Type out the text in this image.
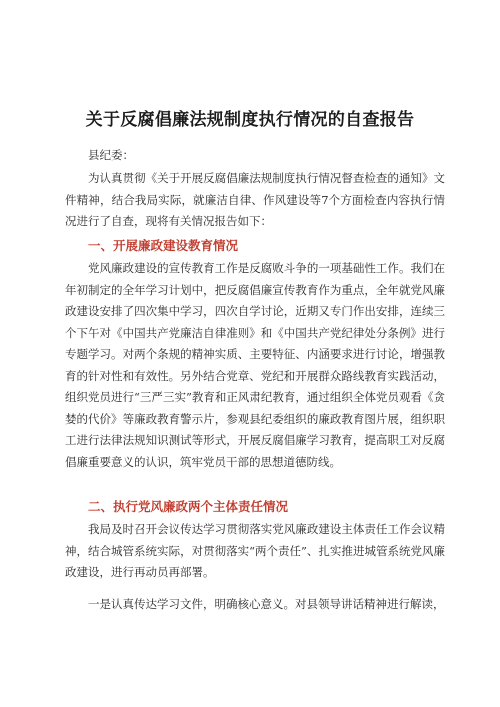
关于反腐倡廉法规制度执行情况的自查报告

县纪委：

为认真贯彻《关于开展反腐倡廉法规制度执行情况督查检查的通知》文件精神，结合我局实际，就廉洁自律、作风建设等7个方面检查内容执行情况进行了自查，现将有关情况报告如下：

一、开展廉政建设教育情况

党风廉政建设的宣传教育工作是反腐败斗争的一项基础性工作。我们在年初制定的全年学习计划中，把反腐倡廉宣传教育作为重点，全年就党风廉政建设安排了四次集中学习，四次自学讨论，近期又专门作出安排，连续三个下午对《中国共产党廉洁自律准则》和《中国共产党纪律处分条例》进行专题学习。对两个条规的精神实质、主要特征、内涵要求进行讨论，增强教育的针对性和有效性。另外结合党章、党纪和开展群众路线教育实践活动，组织党员进行“三严三实”教育和正风肃纪教育，通过组织全体党员观看《贪婪的代价》等廉政教育警示片，参观县纪委组织的廉政教育图片展，组织职工进行法律法规知识测试等形式，开展反腐倡廉学习教育，提高职工对反腐倡廉重要意义的认识，筑牢党员干部的思想道德防线。

二、执行党风廉政两个主体责任情况

我局及时召开会议传达学习贯彻落实党风廉政建设主体责任工作会议精神，结合城管系统实际，对贯彻落实“两个责任”、扎实推进城管系统党风廉政建设，进行再动员再部署。

一是认真传达学习文件，明确核心意义。对县领导讲话精神进行解读，
